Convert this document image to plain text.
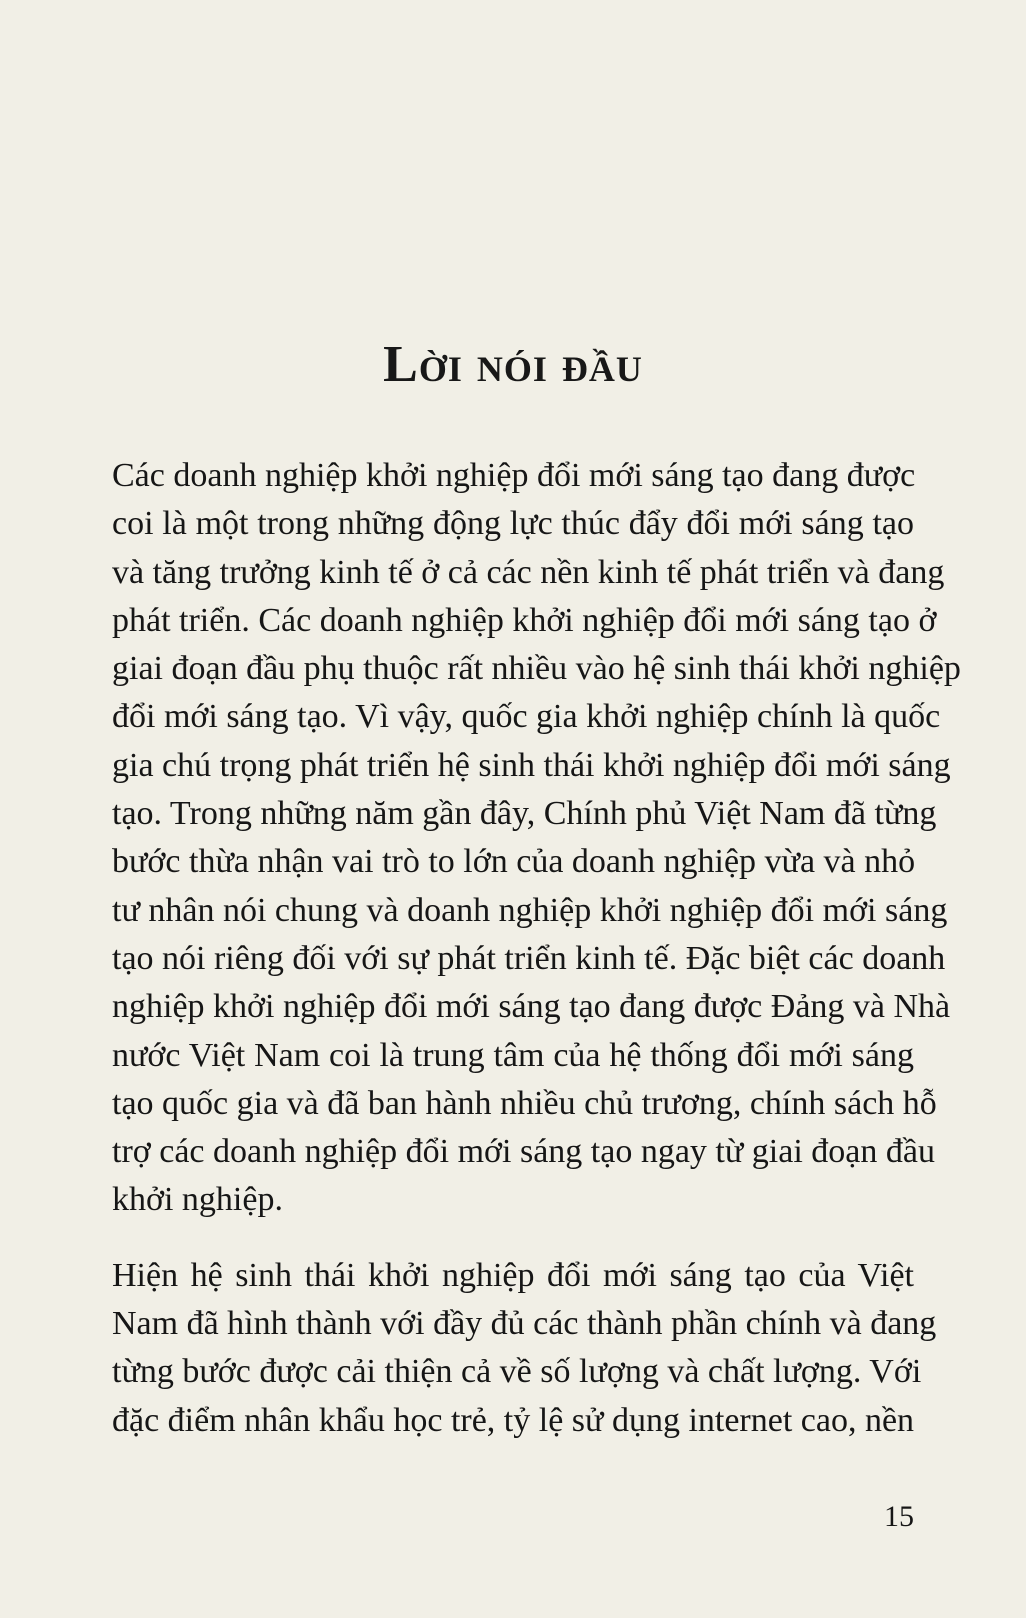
Lời nói đầu

Các doanh nghiệp khởi nghiệp đổi mới sáng tạo đang được
coi là một trong những động lực thúc đẩy đổi mới sáng tạo
và tăng trưởng kinh tế ở cả các nền kinh tế phát triển và đang
phát triển. Các doanh nghiệp khởi nghiệp đổi mới sáng tạo ở
giai đoạn đầu phụ thuộc rất nhiều vào hệ sinh thái khởi nghiệp
đổi mới sáng tạo. Vì vậy, quốc gia khởi nghiệp chính là quốc
gia chú trọng phát triển hệ sinh thái khởi nghiệp đổi mới sáng
tạo. Trong những năm gần đây, Chính phủ Việt Nam đã từng
bước thừa nhận vai trò to lớn của doanh nghiệp vừa và nhỏ
tư nhân nói chung và doanh nghiệp khởi nghiệp đổi mới sáng
tạo nói riêng đối với sự phát triển kinh tế. Đặc biệt các doanh
nghiệp khởi nghiệp đổi mới sáng tạo đang được Đảng và Nhà
nước Việt Nam coi là trung tâm của hệ thống đổi mới sáng
tạo quốc gia và đã ban hành nhiều chủ trương, chính sách hỗ
trợ các doanh nghiệp đổi mới sáng tạo ngay từ giai đoạn đầu
khởi nghiệp.

Hiện hệ sinh thái khởi nghiệp đổi mới sáng tạo của Việt
Nam đã hình thành với đầy đủ các thành phần chính và đang
từng bước được cải thiện cả về số lượng và chất lượng. Với
đặc điểm nhân khẩu học trẻ, tỷ lệ sử dụng internet cao, nền

15
